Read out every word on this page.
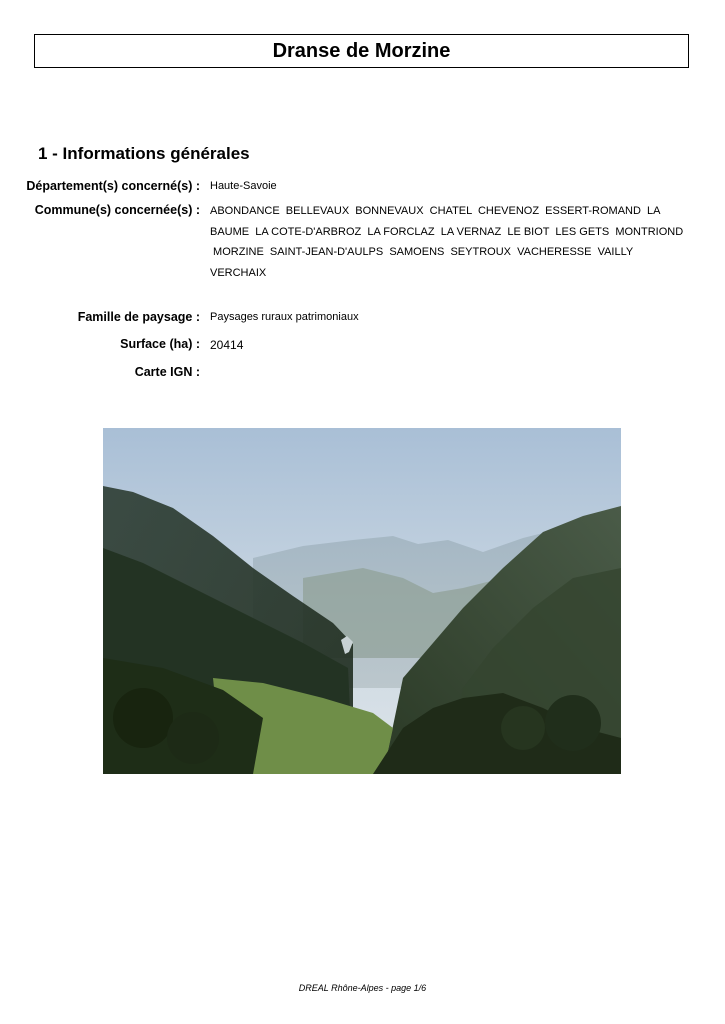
Dranse de Morzine
1 - Informations générales
Département(s) concerné(s) : Haute-Savoie
Commune(s) concernée(s) : ABONDANCE  BELLEVAUX  BONNEVAUX  CHATEL  CHEVENOZ  ESSERT-ROMAND  LA
BAUME  LA COTE-D'ARBROZ  LA FORCLAZ  LA VERNAZ  LE BIOT  LES GETS  MONTRIOND
MORZINE  SAINT-JEAN-D'AULPS  SAMOENS  SEYTROUX  VACHERESSE  VAILLY
VERCHAIX
Famille de paysage : Paysages ruraux patrimoniaux
Surface (ha) : 20414
Carte IGN :
DREAL Rhône-Alpes - page 1/6
